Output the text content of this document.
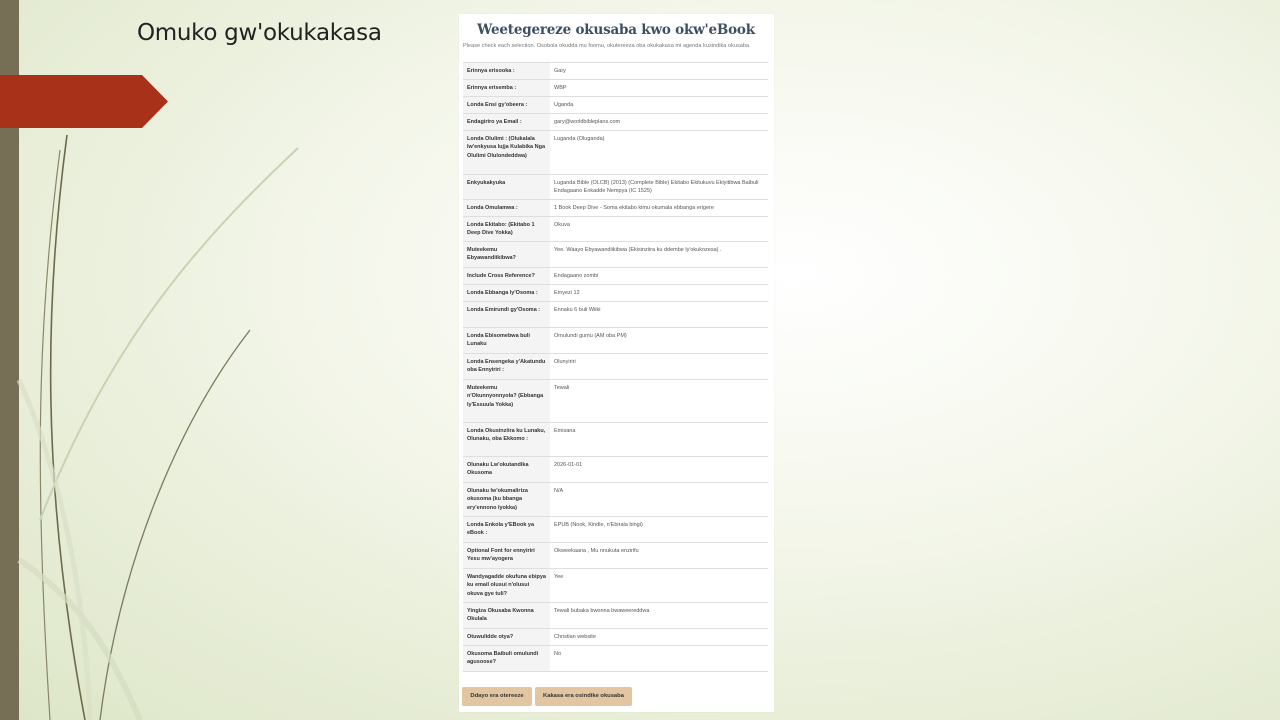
Omuko gw'okukakasa	Weetegereze okusaba kwo okw'eBook
Please check each selection. Osobola okudda mu foomu, okutereeza oba okukakasa mi agenda kusindika okusaba.
Erinnya erisooka :	Gary
Erinnya erisemba :	WBP
Londa Ensi gy'obeera :	Uganda
Endagiriro ya Email :	gary@worldbibleplans.com
Londa Olulimi : (Olukalala lw'enkyusa lujja Kulabika Nga Olulimi Olulondeddwa)	Luganda (Oluganda)
Enkyukakyuka	Luganda Bible (OLCB) (2013) (Complete Bible) Ekitabo Ekitukuvu Ekiyitibwa Baibuli Endagaano Enkadde Nempya (IC 1525)
Londa Omulamwa :	1 Book Deep Dive - Soma ekitabo kimu okumala ebbanga erigere
Londa Ekitabo: (Ekitabo 1 Deep Dive Yokka)	Okuva
Muteekemu Ebyawandiikibwa?	Yee. Waayo Ebyawandiikibwa (Ekisinziira ku ddembe ly'okukozesa) .
Include Cross Reference?	Endagaano zombi
Londa Ebbanga ly'Osoma :	Emyezi 12
Londa Emirundi gy'Osoma :	Ennaku 6 buli Wiiki
Londa Ebisomebwa buli Lunaku	Omulundi gumu (AM oba PM)
Londa Ensengeka y'Akatundu oba Ennyiriri :	Olunyiriri
Muteekemu n'Okunnyonnyola? (Ebbanga ly'Essuula Yokka)	Tewali
Londa Okusinziira ku Lunaku, Olunaku, oba Ekkomo :	Emisana
Olunaku Lw'okutandika Okusoma	2026-01-01
Olunaku lw'okumaliriza okusoma (ku bbanga ery'ennono lyokka)	N/A
Londa Enkola y'EBook ya eBook :	EPUB (Nook, Kindle, n'Ebirala bingi)
Optional Font for ennyiriri Yesu mw'ayogera	Okweekaana , Mu nnukuta enzirifu
Wandyagadde okufuna ebipya ku email olusui n'olusui okuva gye tuli?	Yee
Yingiza Okusaba Kwonna Okulala	Tewali bubaka bwonna bwaweereddwa
Otuwulidde otya?	Christian website
Okusoma Baibuli omulundi agusoose?	No
Ddayo era otereeze	Kakasa era osindike okusaba
